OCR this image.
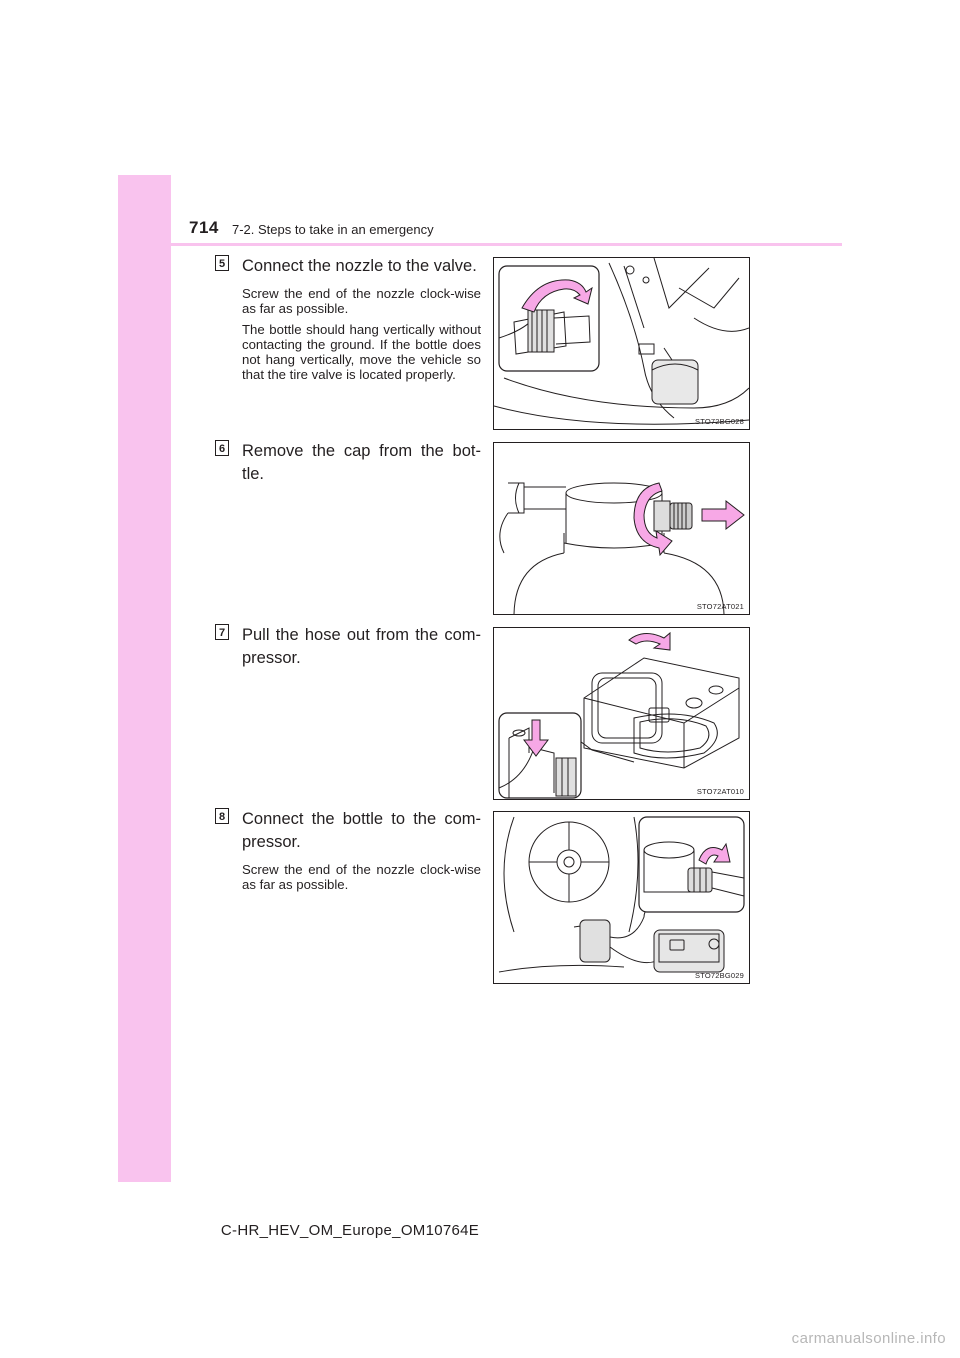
714 7-2. Steps to take in an emergency
5 Connect the nozzle to the valve.
Screw the end of the nozzle clock-wise as far as possible.
The bottle should hang vertically without contacting the ground. If the bottle does not hang vertically, move the vehicle so that the tire valve is located properly.
STO72BG028
6 Remove the cap from the bot-tle.
STO72AT021
7 Pull the hose out from the com-pressor.
STO72AT010
8 Connect the bottle to the com-pressor.
Screw the end of the nozzle clock-wise as far as possible.
STO72BG029
C-HR_HEV_OM_Europe_OM10764E
carmanualsonline.info
